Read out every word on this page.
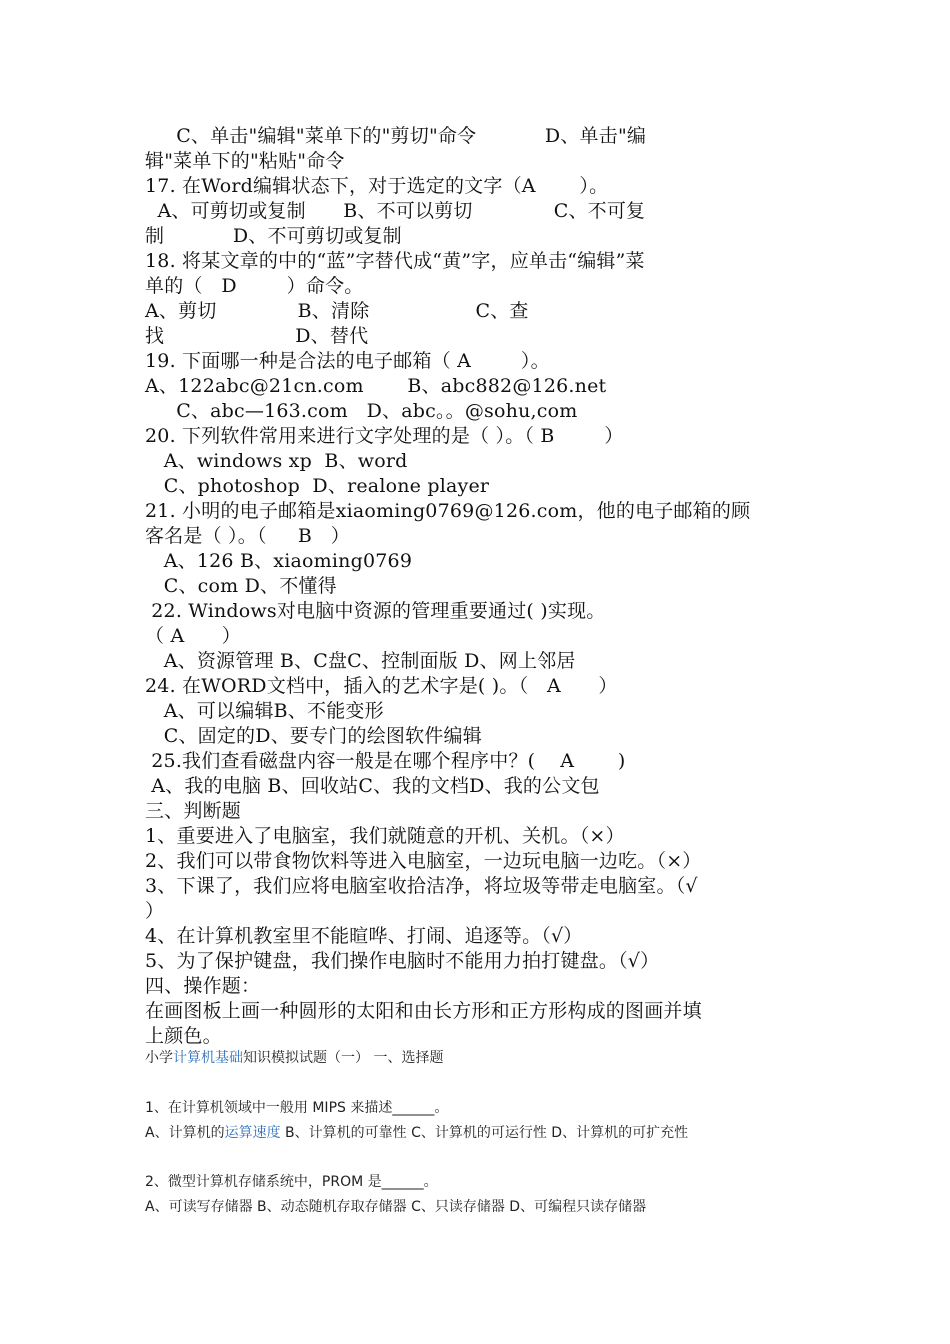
C、单击"编辑"菜单下的"剪切"命令           D、单击"编
辑"菜单下的"粘贴"命令
17. 在Word编辑状态下，对于选定的文字（A       ）。
A、可剪切或复制      B、不可以剪切             C、不可复
制           D、不可剪切或复制
18. 将某文章的中的“蓝”字替代成“黄”字，应单击“编辑”菜
单的（   D        ）命令。
A、剪切             B、清除                 C、查
找                     D、替代
19. 下面哪一种是合法的电子邮箱（ A        ）。
A、122abc@21cn.com       B、abc882@126.net
C、abc—163.com   D、abc。。@sohu,com
20. 下列软件常用来进行文字处理的是（ ）。（ B        ）
A、windows xp  B、word
C、photoshop  D、realone player
21. 小明的电子邮箱是xiaoming0769@126.com，他的电子邮箱的顾
客名是（ ）。（     B   ）
A、126 B、xiaoming0769
C、com D、不懂得
22. Windows对电脑中资源的管理重要通过( )实现。
（ A      ）
A、资源管理 B、C盘C、控制面版 D、网上邻居
24. 在WORD文档中，插入的艺术字是( )。（   A      ）
A、可以编辑B、不能变形
C、固定的D、要专门的绘图软件编辑
25.我们查看磁盘内容一般是在哪个程序中？(    A       )
A、我的电脑 B、回收站C、我的文档D、我的公文包
三、判断题
1、重要进入了电脑室，我们就随意的开机、关机。（×）
2、我们可以带食物饮料等进入电脑室，一边玩电脑一边吃。（×）
3、下课了，我们应将电脑室收拾洁净，将垃圾等带走电脑室。（√
）
4、在计算机教室里不能暄哗、打闹、追逐等。（√）
5、为了保护键盘，我们操作电脑时不能用力拍打键盘。（√）
四、操作题：
在画图板上画一种圆形的太阳和由长方形和正方形构成的图画并填
上颜色。
小学计算机基础知识模拟试题（一） 一、选择题
1、在计算机领域中一般用 MIPS 来描述______。
A、计算机的运算速度 B、计算机的可靠性 C、计算机的可运行性 D、计算机的可扩充性
2、微型计算机存储系统中，PROM 是______。
A、可读写存储器 B、动态随机存取存储器 C、只读存储器 D、可编程只读存储器
